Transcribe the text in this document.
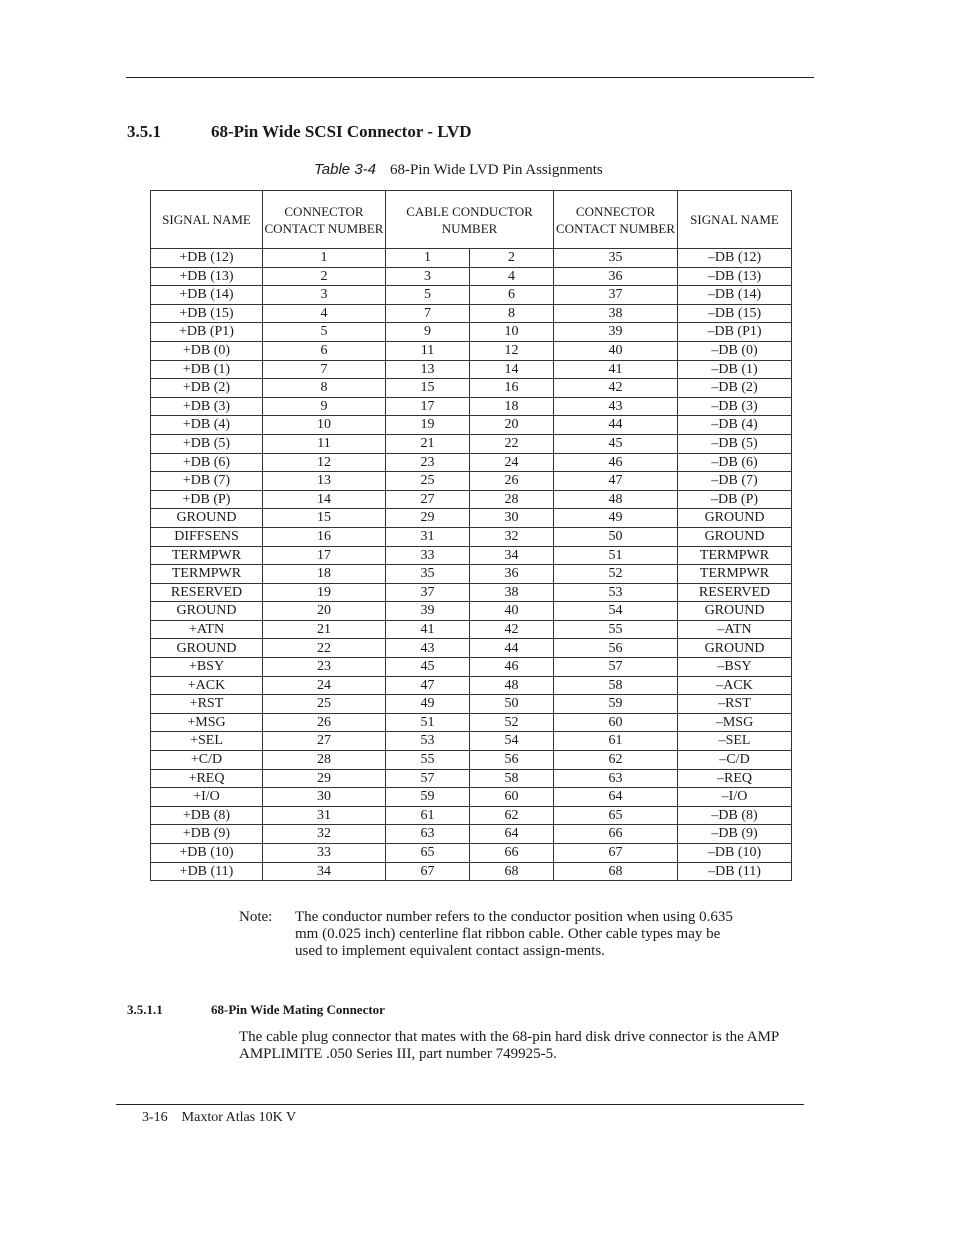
3.5.1	68-Pin Wide SCSI Connector - LVD
Table 3-4 68-Pin Wide LVD Pin Assignments
SIGNAL NAME	CONNECTOR CONTACT NUMBER	CABLE CONDUCTOR NUMBER		CONNECTOR CONTACT NUMBER	SIGNAL NAME
+DB (12)	1	1	2	35	–DB (12)
+DB (13)	2	3	4	36	–DB (13)
+DB (14)	3	5	6	37	–DB (14)
+DB (15)	4	7	8	38	–DB (15)
+DB (P1)	5	9	10	39	–DB (P1)
+DB (0)	6	11	12	40	–DB (0)
+DB (1)	7	13	14	41	–DB (1)
+DB (2)	8	15	16	42	–DB (2)
+DB (3)	9	17	18	43	–DB (3)
+DB (4)	10	19	20	44	–DB (4)
+DB (5)	11	21	22	45	–DB (5)
+DB (6)	12	23	24	46	–DB (6)
+DB (7)	13	25	26	47	–DB (7)
+DB (P)	14	27	28	48	–DB (P)
GROUND	15	29	30	49	GROUND
DIFFSENS	16	31	32	50	GROUND
TERMPWR	17	33	34	51	TERMPWR
TERMPWR	18	35	36	52	TERMPWR
RESERVED	19	37	38	53	RESERVED
GROUND	20	39	40	54	GROUND
+ATN	21	41	42	55	–ATN
GROUND	22	43	44	56	GROUND
+BSY	23	45	46	57	–BSY
+ACK	24	47	48	58	–ACK
+RST	25	49	50	59	–RST
+MSG	26	51	52	60	–MSG
+SEL	27	53	54	61	–SEL
+C/D	28	55	56	62	–C/D
+REQ	29	57	58	63	–REQ
+I/O	30	59	60	64	–I/O
+DB (8)	31	61	62	65	–DB (8)
+DB (9)	32	63	64	66	–DB (9)
+DB (10)	33	65	66	67	–DB (10)
+DB (11)	34	67	68	68	–DB (11)
Note: The conductor number refers to the conductor position when using 0.635 mm (0.025 inch) centerline flat ribbon cable. Other cable types may be used to implement equivalent contact assign-ments.
3.5.1.1	68-Pin Wide Mating Connector
The cable plug connector that mates with the 68-pin hard disk drive connector is the AMP AMPLIMITE .050 Series III, part number 749925-5.
3-16 Maxtor Atlas 10K V
